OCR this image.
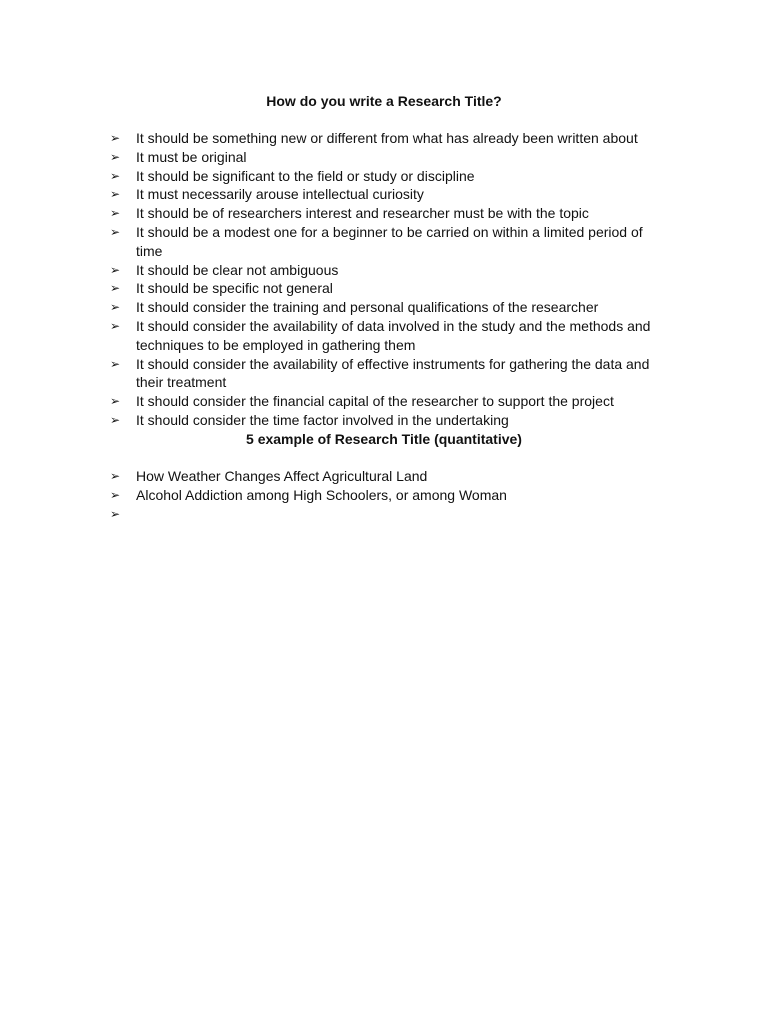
How do you write a Research Title?
➢ It should be something new or different from what has already been written about
➢ It must be original
➢ It should be significant to the field or study or discipline
➢ It must necessarily arouse intellectual curiosity
➢ It should be of researchers interest and researcher must be with the topic
➢ It should be a modest one for a beginner to be carried on within a limited period of time
➢ It should be clear not ambiguous
➢ It should be specific not general
➢ It should consider the training and personal qualifications of the researcher
➢ It should consider the availability of data involved in the study and the methods and techniques to be employed in gathering them
➢ It should consider the availability of effective instruments for gathering the data and their treatment
➢ It should consider the financial capital of the researcher to support the project
➢ It should consider the time factor involved in the undertaking
5 example of Research Title (quantitative)
➢ How Weather Changes Affect Agricultural Land
➢ Alcohol Addiction among High Schoolers, or among Woman
➢
